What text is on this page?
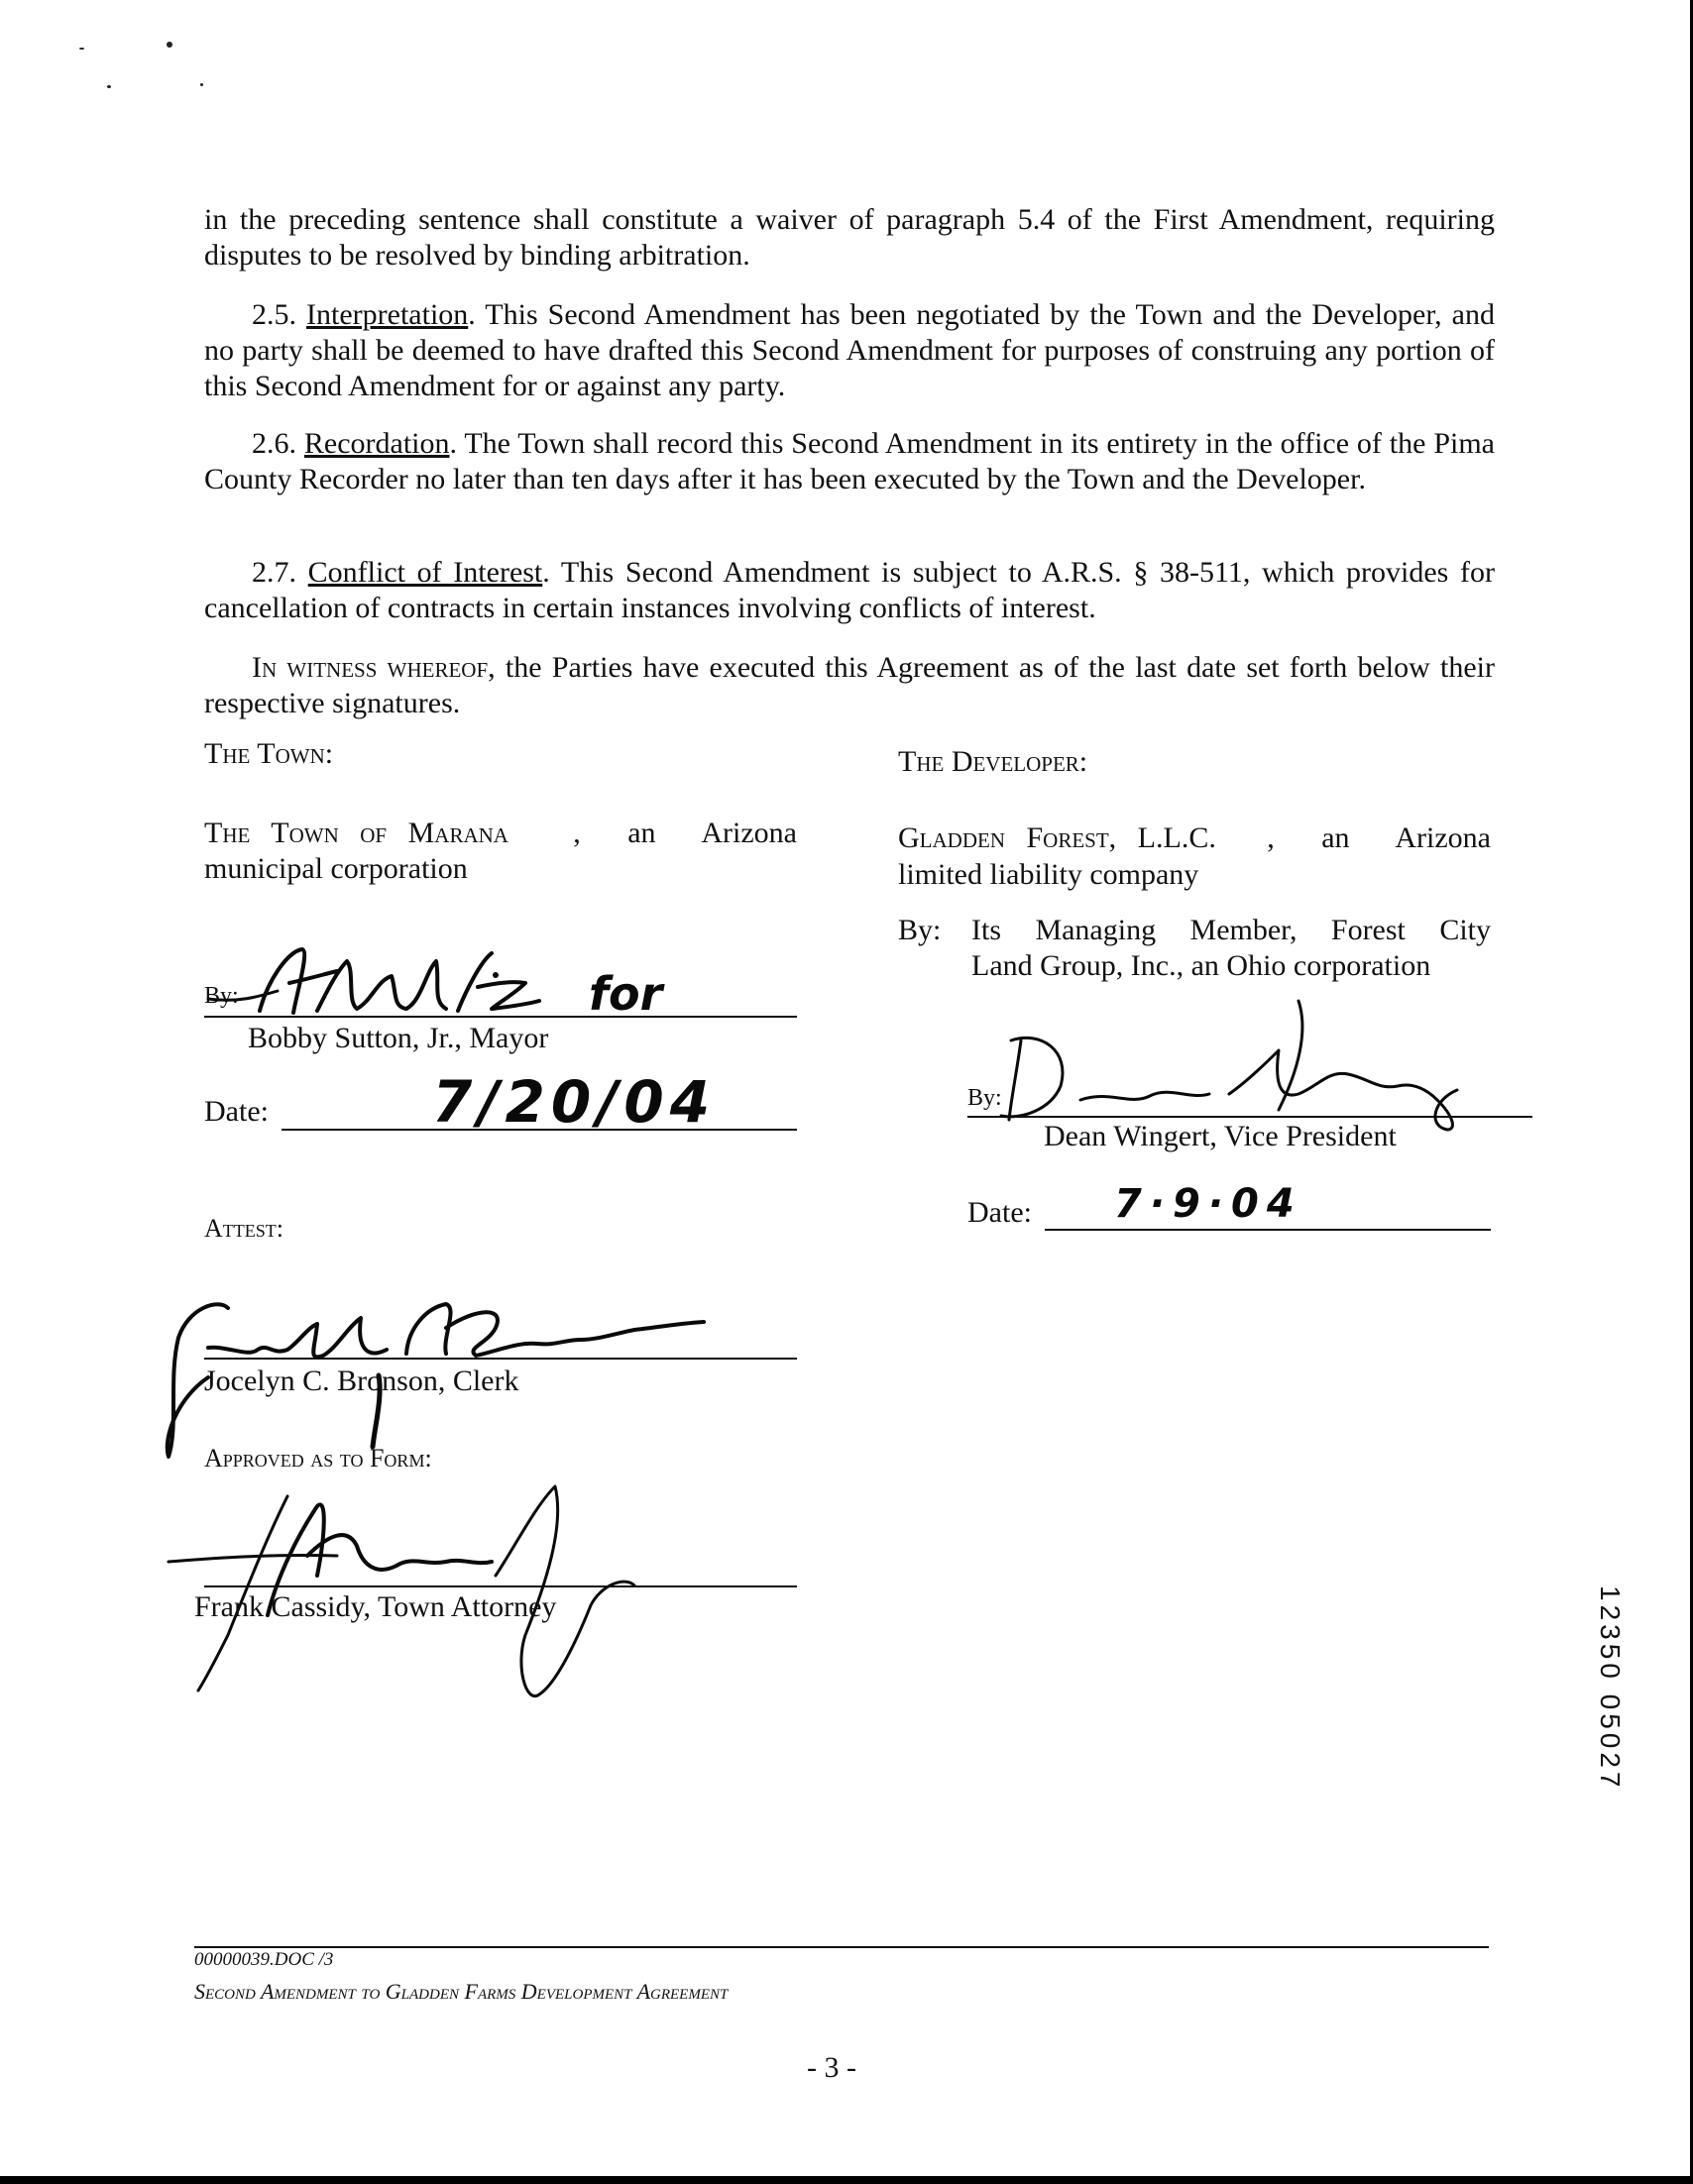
in the preceding sentence shall constitute a waiver of paragraph 5.4 of the First Amendment, requiring disputes to be resolved by binding arbitration.

2.5. Interpretation. This Second Amendment has been negotiated by the Town and the Developer, and no party shall be deemed to have drafted this Second Amendment for purposes of construing any portion of this Second Amendment for or against any party.

2.6. Recordation. The Town shall record this Second Amendment in its entirety in the office of the Pima County Recorder no later than ten days after it has been executed by the Town and the Developer.

2.7. Conflict of Interest. This Second Amendment is subject to A.R.S. § 38-511, which provides for cancellation of contracts in certain instances involving conflicts of interest.

In witness whereof, the Parties have executed this Agreement as of the last date set forth below their respective signatures.

The Town:
The Town of Marana , an Arizona
municipal corporation
By:	for
Bobby Sutton, Jr., Mayor
Date:	7/20/04
Attest:
Jocelyn C. Bronson, Clerk
Approved as to Form:
Frank Cassidy, Town Attorney
The Developer:
Gladden Forest, L.L.C. , an Arizona
limited liability company
By: Its Managing Member, Forest City
Land Group, Inc., an Ohio corporation
By:
Dean Wingert, Vice President
Date: 7·9·04
12350 05027
00000039.DOC /3
Second Amendment to Gladden Farms Development Agreement
- 3 -
